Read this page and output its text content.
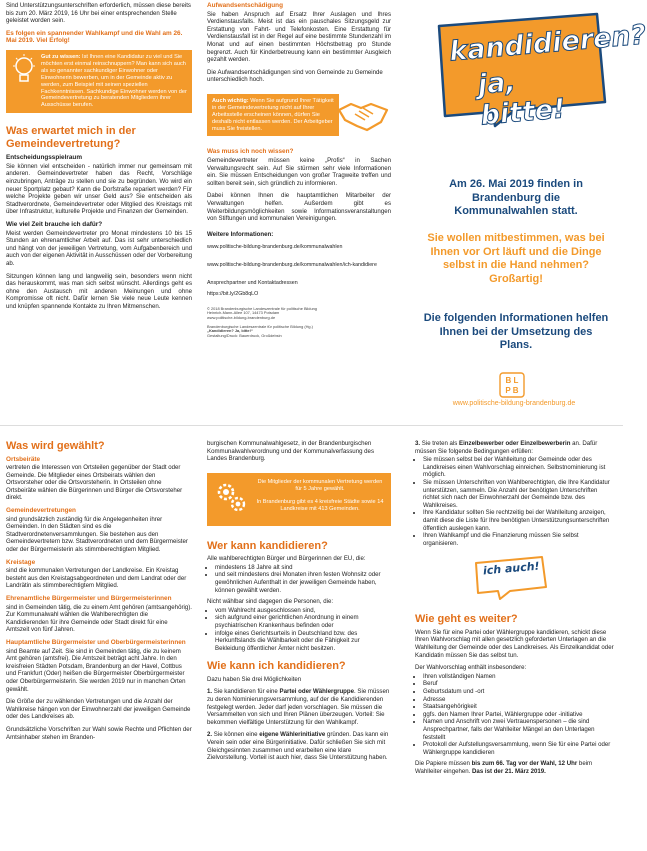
Sind Unterstützungsunterschriften erforderlich, müssen diese bereits bis zum 20. März 2019, 16 Uhr bei einer entsprechenden Stelle geleistet worden sein.

Es folgen ein spannender Wahlkampf und die Wahl am 26. Mai 2019. Viel Erfolg!

Gut zu wissen: Ist Ihnen eine Kandidatur zu viel und Sie möchten erst einmal reinschnuppern? Man kann sich auch als so genannter sachkundiger Einwohner oder Einwohnerin bewerben, um in der Gemeinde aktiv zu werden, zum Beispiel mit seinen speziellen Fachkenntnissen. Sachkundige Einwohner werden von der Gemeindevertretung zu beratenden Mitgliedern ihrer Ausschüsse berufen.
Was erwartet mich in der Gemeindevertretung?
Entscheidungsspielraum

Sie können viel entscheiden - natürlich immer nur gemeinsam mit anderen. Gemeindevertreter haben das Recht, Vorschläge einzubringen, Anträge zu stellen und sie zu begründen. Wo wird ein neuer Sportplatz gebaut? Kann die Dorfstraße repariert werden? Für welche Projekte geben wir unser Geld aus? Sie entscheiden als Stadtverordnete, Gemeindevertreter oder Mitglied des Kreistags mit über Infrastruktur, kulturelle Projekte und Finanzen der Gemeinden.

Wie viel Zeit brauche ich dafür?

Meist werden Gemeindevertreter pro Monat mindestens 10 bis 15 Stunden an ehrenamtlicher Arbeit auf. Das ist sehr unterschiedlich und hängt von der jeweiligen Vertretung, vom Aufgabenbereich und auch von der eigenen Aktivität in Ausschüssen oder der Vorbereitung ab.

Sitzungen können lang und langweilig sein, besonders wenn nicht das herauskommt, was man sich selbst wünscht. Allerdings geht es ohne den Austausch mit anderen Meinungen und ohne Kompromisse oft nicht. Dafür lernen Sie viele neue Leute kennen und knüpfen spannende Kontakte zu Ihren Mitmenschen.

Aufwandsentschädigung

Sie haben Anspruch auf Ersatz Ihrer Auslagen und Ihres Verdienstausfalls. Meist ist das ein pauschales Sitzungsgeld zur Erstattung von Fahrt- und Telefonkosten. Eine Erstattung für Verdienstausfall ist in der Regel auf eine bestimmte Stundenzahl im Monat und auf einen bestimmten Höchstbetrag pro Stunde begrenzt. Auch für Kinderbetreuung kann ein bestimmter Ausgleich gezahlt werden.

Die Aufwandsentschädigungen sind von Gemeinde zu Gemeinde unterschiedlich hoch.

Auch wichtig: Wenn Sie aufgrund Ihrer Tätigkeit in der Gemeindevertretung nicht auf Ihrer Arbeitsstelle erscheinen können, dürfen Sie deshalb nicht entlassen werden. Der Arbeitgeber muss Sie freistellen.
Was muss ich noch wissen?

Gemeindevertreter müssen keine „Profis“ in Sachen Verwaltungsrecht sein. Auf Sie stürmen sehr viele Informationen ein. Sie müssen Entscheidungen von großer Tragweite treffen und sollten bereit sein, sich gründlich zu informieren.

Dabei können Ihnen die hauptamtlichen Mitarbeiter der Verwaltungen helfen. Außerdem gibt es Weiterbildungsmöglichkeiten sowie Informationsveranstaltungen von Stiftungen und kommunalen Vereinigungen.

Weitere Informationen:
www.politische-bildung-brandenburg.de/kommunalwahlen
www.politische-bildung-brandenburg.de/kommunalwahlen/ich-kandidiere
Ansprechpartner und Kontaktadressen
https://bit.ly/2Gb8qLO
© 2018 Brandenburgische Landeszentrale für politische Bildung
Heinrich-Mann-Allee 107, 14473 Potsdam
www.politische-bildung-brandenburg.de
Brandenburgische Landeszentrale für politische Bildung (Hg.)
„Kandidieren? Ja, bitte!“
Gestaltung/Druck: Bauerdruck, Großdebsin
kandidieren?
ja, bitte!
Am 26. Mai 2019 finden in Brandenburg die Kommunalwahlen statt.
Sie wollen mitbestimmen, was bei Ihnen vor Ort läuft und die Dinge selbst in die Hand nehmen? Großartig!
Die folgenden Informationen helfen Ihnen bei der Umsetzung des Plans.
B L
P B
www.politische-bildung-brandenburg.de
Was wird gewählt?
Ortsbeiräte

vertreten die Interessen von Ortsteilen gegenüber der Stadt oder Gemeinde. Die Mitglieder eines Ortsbeirats wählen den Ortsvorsteher oder die Ortsvorsteherin. In Ortsteilen ohne Ortsbeiräte wählen die Bürgerinnen und Bürger die Ortsvorsteher direkt.

Gemeindevertretungen

sind grundsätzlich zuständig für die Angelegenheiten ihrer Gemeinden. In den Städten sind es die Stadtverordnetenversammlungen. Sie bestehen aus den Gemeindevertretern bzw. Stadtverordneten und dem Bürgermeister oder der Bürgermeisterin als stimmberechtigtem Mitglied.

Kreistage

sind die kommunalen Vertretungen der Landkreise. Ein Kreistag besteht aus den Kreistagsabgeordneten und dem Landrat oder der Landrätin als stimmberechtigtem Mitglied.

Ehrenamtliche Bürgermeister und Bürgermeisterinnen

sind in Gemeinden tätig, die zu einem Amt gehören (amtsangehörig). Zur Kommunalwahl wählen die Wahlberechtigten die Kandidierenden für ihre Gemeinde oder Stadt direkt für eine Amtszeit von fünf Jahren.

Hauptamtliche Bürgermeister und Oberbürgermeisterinnen

sind Beamte auf Zeit. Sie sind in Gemeinden tätig, die zu keinem Amt gehören (amtsfrei). Die Amtszeit beträgt acht Jahre. In den kreisfreien Städten Potsdam, Brandenburg an der Havel, Cottbus und Frankfurt (Oder) heißen die Bürgermeister Oberbürgermeister oder Oberbürgermeisterin. Sie werden 2019 nur in manchen Orten gewählt.

Die Größe der zu wählenden Vertretungen und die Anzahl der Wahlkreise hängen von der Einwohnerzahl der jeweiligen Gemeinde oder des Landkreises ab.

Grundsätzliche Vorschriften zur Wahl sowie Rechte und Pflichten der Amtsinhaber stehen im Branden-

burgischen Kommunalwahlgesetz, in der Brandenburgischen Kommunalwahlverordnung und der Kommunalverfassung des Landes Brandenburg.

Die Mitglieder der kommunalen Vertretung werden für 5 Jahre gewählt.
In Brandenburg gibt es 4 kreisfreie Städte sowie 14 Landkreise mit 413 Gemeinden.
Wer kann kandidieren?

Alle wahlberechtigten Bürger und Bürgerinnen der EU, die:

• mindestens 18 Jahre alt sind
• und seit mindestens drei Monaten ihren festen Wohnsitz oder gewöhnlichen Aufenthalt in der jeweiligen Gemeinde haben, können gewählt werden.

Nicht wählbar sind dagegen die Personen, die:

• vom Wahlrecht ausgeschlossen sind,
• sich aufgrund einer gerichtlichen Anordnung in einem psychiatrischen Krankenhaus befinden oder
• infolge eines Gerichtsurteils in Deutschland bzw. des Herkunftslands die Wählbarkeit oder die Fähigkeit zur Bekleidung öffentlicher Ämter nicht besitzen.
Wie kann ich kandidieren?

Dazu haben Sie drei Möglichkeiten

1. Sie kandidieren für eine Partei oder Wählergruppe. Sie müssen zu deren Nominierungsversammlung, auf der die Kandidierenden festgelegt werden. Jeder darf jeden vorschlagen. Sie müssen die Versammelten von sich und Ihren Plänen überzeugen. Vorteil: Sie bekommen vielfältige Unterstützung für den Wahlkampf.

2. Sie können eine eigene Wählerinitiative gründen. Das kann ein Verein sein oder eine Bürgerinitiative. Dafür schließen Sie sich mit Gleichgesinnten zusammen und erarbeiten eine klare Zielvorstellung. Vorteil ist auch hier, dass Sie Unterstützung haben.

3. Sie treten als Einzelbewerber oder Einzelbewerberin an. Dafür müssen Sie folgende Bedingungen erfüllen:

• Sie müssen selbst bei der Wahlleitung der Gemeinde oder des Landkreises einen Wahlvorschlag einreichen. Selbstnominierung ist möglich.
• Sie müssen Unterschriften von Wahlberechtigten, die Ihre Kandidatur unterstützen, sammeln. Die Anzahl der benötigten Unterschriften richtet sich nach der Einwohnerzahl der Gemeinde bzw. des Wahlkreises.
• Ihre Kandidatur sollten Sie rechtzeitig bei der Wahlleitung anzeigen, damit diese die Liste für Ihre benötigten Unterstützungsunterschriften öffentlich auslegen kann.
• Ihren Wahlkampf und die Finanzierung müssen Sie selbst organisieren.
ich auch!
Wie geht es weiter?

Wenn Sie für eine Partei oder Wählergruppe kandidieren, schickt diese Ihren Wahlvorschlag mit allen gesetzlich geforderten Unterlagen an die Wahlleitung der Gemeinde oder des Landkreises. Als Einzelkandidat oder Kandidatin müssen Sie das selbst tun.

Der Wahlvorschlag enthält insbesondere:

• Ihren vollständigen Namen
• Beruf
• Geburtsdatum und -ort
• Adresse
• Staatsangehörigkeit
• ggfs. den Namen Ihrer Partei, Wählergruppe oder -initiative
• Namen und Anschrift von zwei Vertrauenspersonen – die sind Ansprechpartner, falls der Wahlleiter Mängel an den Unterlagen feststellt
• Protokoll der Aufstellungsversammlung, wenn Sie für eine Partei oder Wählergruppe kandidieren

Die Papiere müssen bis zum 66. Tag vor der Wahl, 12 Uhr beim Wahlleiter eingehen. Das ist der 21. März 2019.
